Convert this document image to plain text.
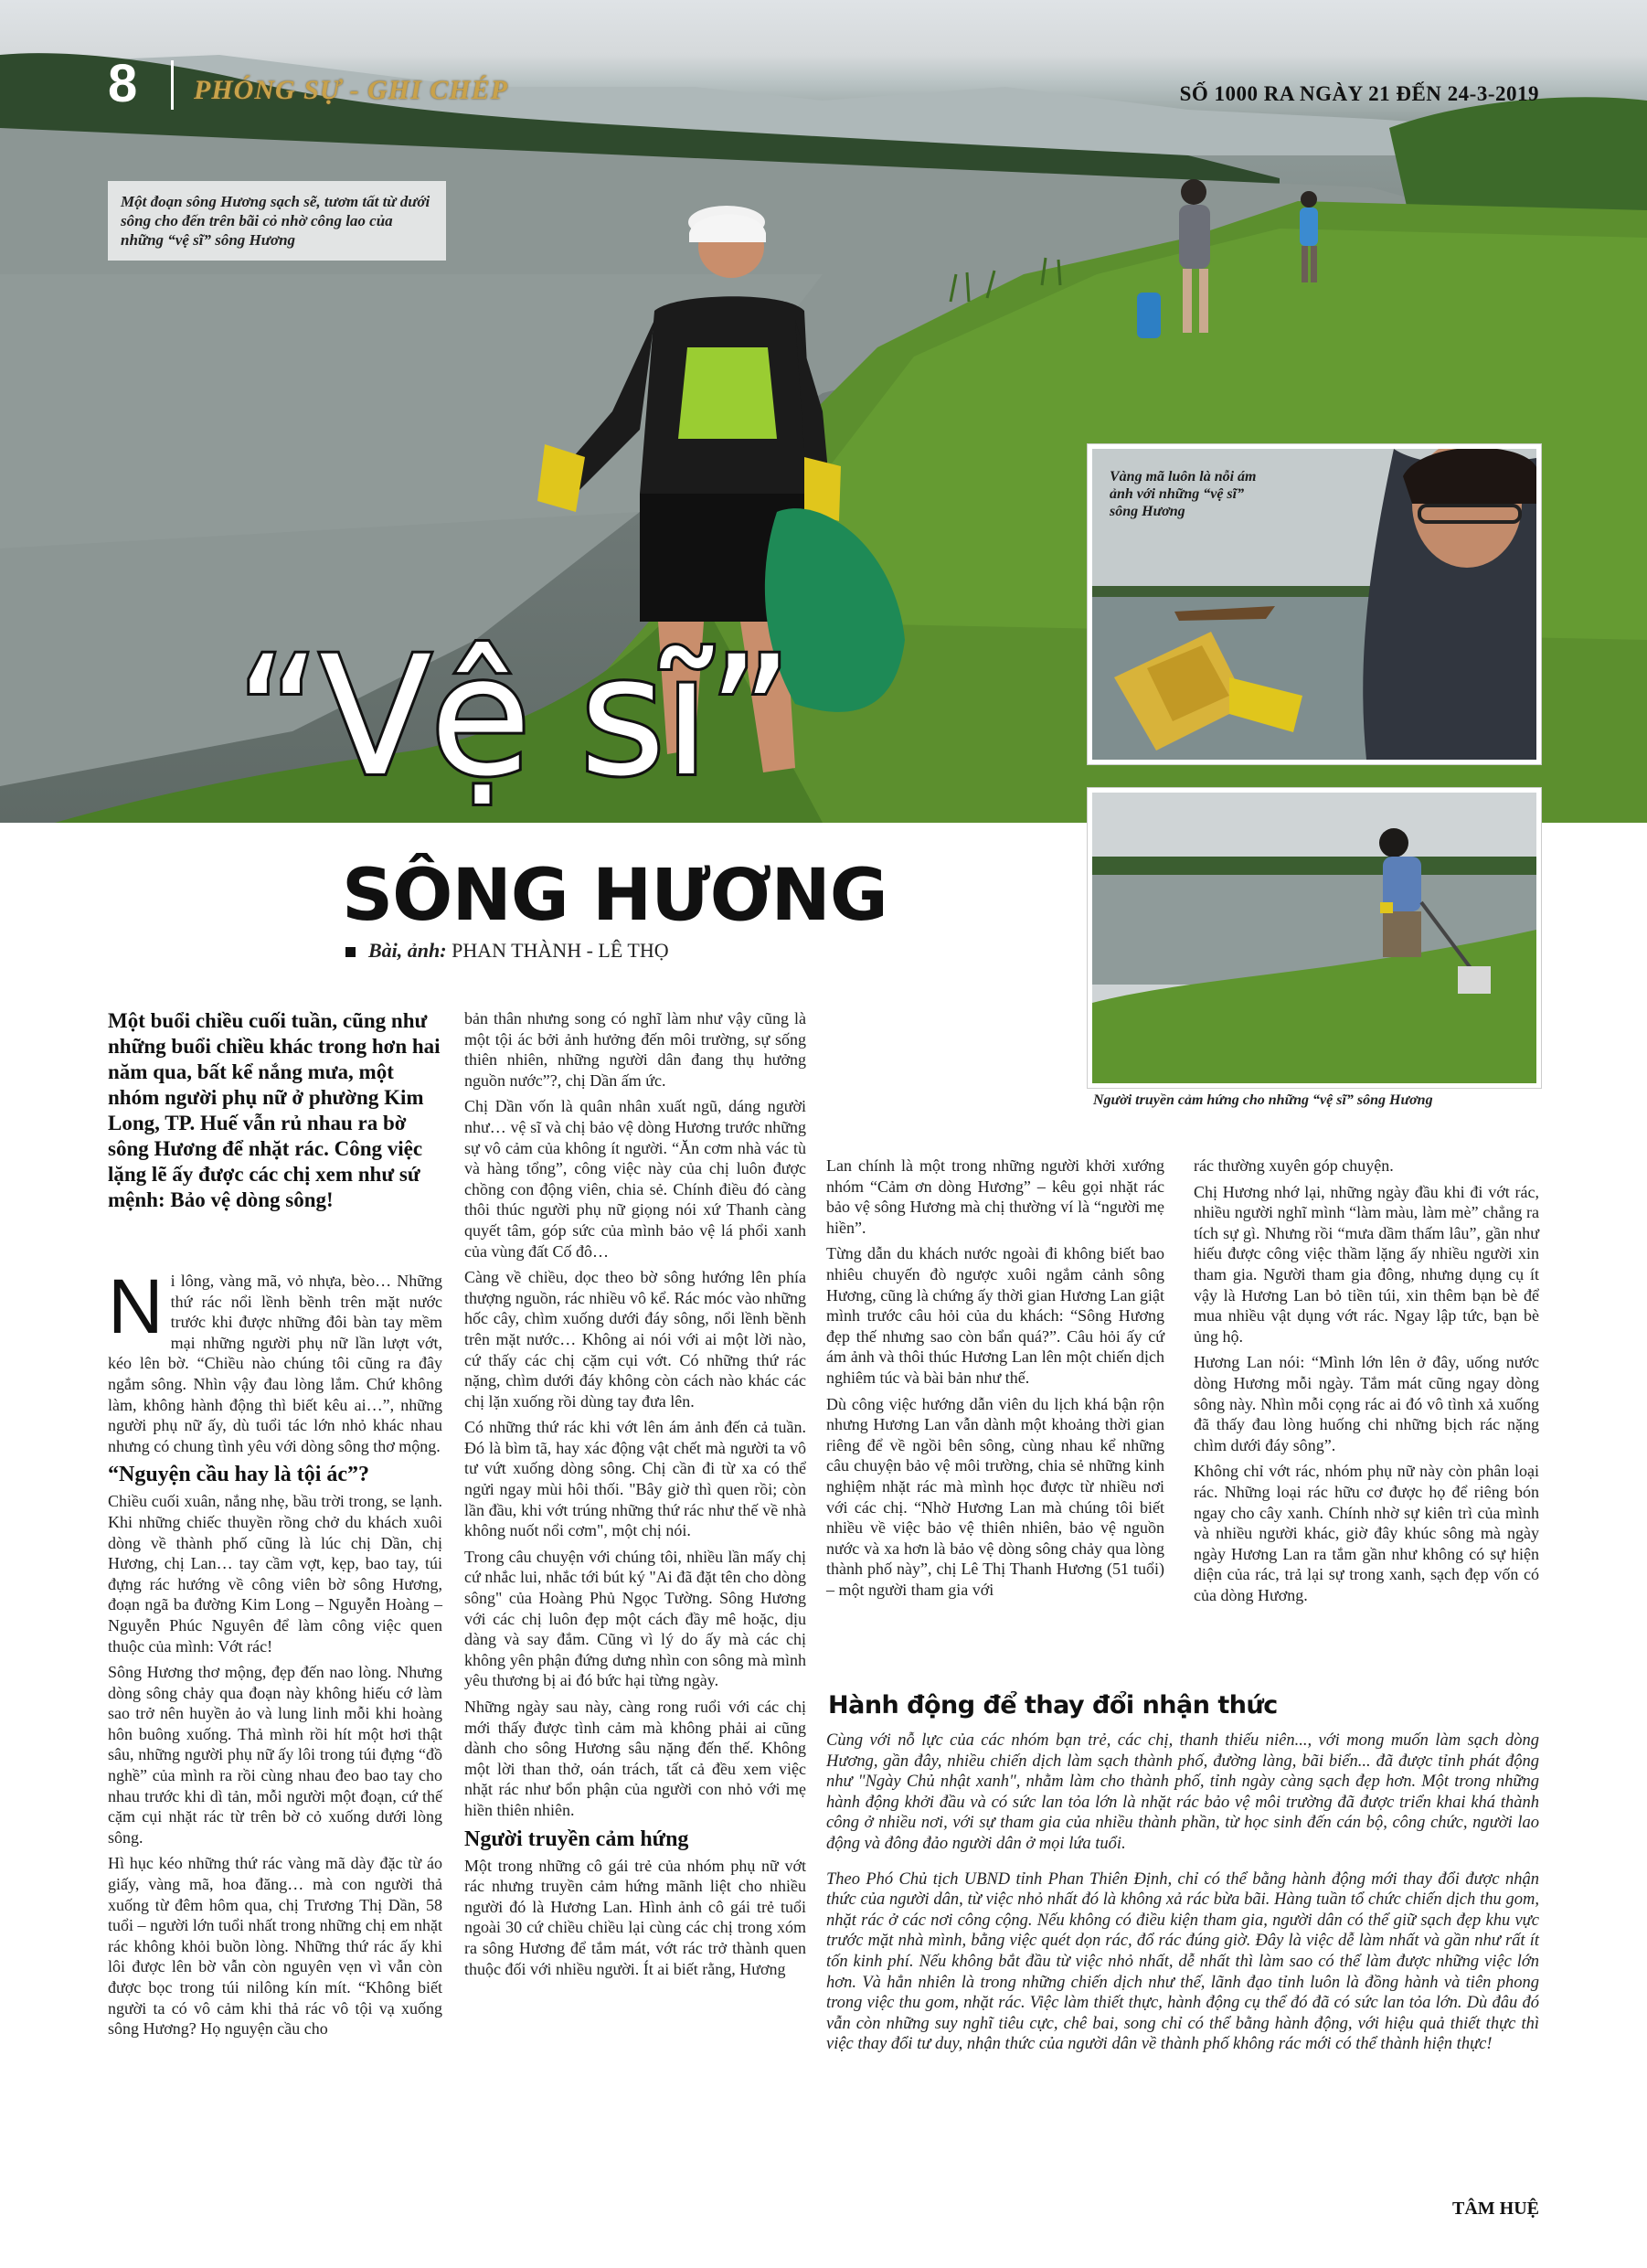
8 PHÓNG SỰ - GHI CHÉP	SỐ 1000 RA NGÀY 21 ĐẾN 24-3-2019
Một đoạn sông Hương sạch sẽ, tươm tất từ dưới sông cho đến trên bãi cỏ nhờ công lao của những “vệ sĩ” sông Hương
“Vệ sĩ”
SÔNG HƯƠNG
Bài, ảnh: PHAN THÀNH - LÊ THỌ
Vàng mã luôn là nỗi ám ảnh với những “vệ sĩ” sông Hương
Người truyền cảm hứng cho những “vệ sĩ” sông Hương
Một buổi chiều cuối tuần, cũng như những buổi chiều khác trong hơn hai năm qua, bất kể nắng mưa, một nhóm người phụ nữ ở phường Kim Long, TP. Huế vẫn rủ nhau ra bờ sông Hương để nhặt rác. Công việc lặng lẽ ấy được các chị xem như sứ mệnh: Bảo vệ dòng sông!

Ni lông, vàng mã, vỏ nhựa, bèo… Những thứ rác nổi lềnh bềnh trên mặt nước trước khi được những đôi bàn tay mềm mại những người phụ nữ lần lượt vớt, kéo lên bờ. “Chiều nào chúng tôi cũng ra đây ngắm sông. Nhìn vậy đau lòng lắm. Chứ không làm, không hành động thì biết kêu ai…”, những người phụ nữ ấy, dù tuổi tác lớn nhỏ khác nhau nhưng có chung tình yêu với dòng sông thơ mộng.

“Nguyện cầu hay là tội ác”?

Chiều cuối xuân, nắng nhẹ, bầu trời trong, se lạnh. Khi những chiếc thuyền rồng chở du khách xuôi dòng về thành phố cũng là lúc chị Dần, chị Hương, chị Lan… tay cầm vợt, kẹp, bao tay, túi đựng rác hướng về công viên bờ sông Hương, đoạn ngã ba đường Kim Long – Nguyễn Hoàng – Nguyễn Phúc Nguyên để làm công việc quen thuộc của mình: Vớt rác!

Sông Hương thơ mộng, đẹp đến nao lòng. Nhưng dòng sông chảy qua đoạn này không hiếu cớ làm sao trở nên huyền ảo và lung linh mỗi khi hoàng hôn buông xuống. Thả mình rồi hít một hơi thật sâu, những người phụ nữ ấy lôi trong túi đựng “đồ nghề” của mình ra rồi cùng nhau đeo bao tay cho nhau trước khi dì tản, mỗi người một đoạn, cứ thế cặm cụi nhặt rác từ trên bờ cỏ xuống dưới lòng sông.

Hì hục kéo những thứ rác vàng mã dày đặc từ áo giấy, vàng mã, hoa đăng… mà con người thả xuống từ đêm hôm qua, chị Trương Thị Dần, 58 tuổi – người lớn tuổi nhất trong những chị em nhặt rác không khỏi buồn lòng. Những thứ rác ấy khi lôi được lên bờ vẫn còn nguyên vẹn vì vẫn còn được bọc trong túi nilông kín mít. “Không biết người ta có vô cảm khi thả rác vô tội vạ xuống sông Hương? Họ nguyện cầu cho

bản thân nhưng song có nghĩ làm như vậy cũng là một tội ác bởi ảnh hưởng đến môi trường, sự sống thiên nhiên, những người dân đang thụ hưởng nguồn nước”?, chị Dần ấm ức.

Chị Dần vốn là quân nhân xuất ngũ, dáng người như… vệ sĩ và chị bảo vệ dòng Hương trước những sự vô cảm của không ít người. “Ăn cơm nhà vác tù và hàng tổng”, công việc này của chị luôn được chồng con động viên, chia sẻ. Chính điều đó càng thôi thúc người phụ nữ giọng nói xứ Thanh càng quyết tâm, góp sức của mình bảo vệ lá phổi xanh của vùng đất Cố đô…

Càng về chiều, dọc theo bờ sông hướng lên phía thượng nguồn, rác nhiều vô kể. Rác móc vào những hốc cây, chìm xuống dưới đáy sông, nổi lềnh bềnh trên mặt nước… Không ai nói với ai một lời nào, cứ thấy các chị cặm cụi vớt. Có những thứ rác nặng, chìm dưới đáy không còn cách nào khác các chị lặn xuống rồi dùng tay đưa lên.

Có những thứ rác khi vớt lên ám ảnh đến cả tuần. Đó là bìm tã, hay xác động vật chết mà người ta vô tư vứt xuống dòng sông. Chị cần đi từ xa có thể ngửi ngay mùi hôi thối. "Bây giờ thì quen rồi; còn lần đầu, khi vớt trúng những thứ rác như thế về nhà không nuốt nổi cơm", một chị nói.

Trong câu chuyện với chúng tôi, nhiều lần mấy chị cứ nhắc lui, nhắc tới bút ký "Ai đã đặt tên cho dòng sông" của Hoàng Phủ Ngọc Tường. Sông Hương với các chị luôn đẹp một cách đầy mê hoặc, dịu dàng và say đắm. Cũng vì lý do ấy mà các chị không yên phận đứng dưng nhìn con sông mà mình yêu thương bị ai đó bức hại từng ngày.

Những ngày sau này, càng rong ruổi với các chị mới thấy được tình cảm mà không phải ai cũng dành cho sông Hương sâu nặng đến thế. Không một lời than thở, oán trách, tất cả đều xem việc nhặt rác như bổn phận của người con nhỏ với mẹ hiền thiên nhiên.

Người truyền cảm hứng

Một trong những cô gái trẻ của nhóm phụ nữ vớt rác nhưng truyền cảm hứng mãnh liệt cho nhiều người đó là Hương Lan. Hình ảnh cô gái trẻ tuổi ngoài 30 cứ chiều chiều lại cùng các chị trong xóm ra sông Hương để tắm mát, vớt rác trở thành quen thuộc đối với nhiều người. Ít ai biết rằng, Hương

Lan chính là một trong những người khởi xướng nhóm “Cảm ơn dòng Hương” – kêu gọi nhặt rác bảo vệ sông Hương mà chị thường ví là “người mẹ hiền”.

Từng dẫn du khách nước ngoài đi không biết bao nhiêu chuyến đò ngược xuôi ngắm cảnh sông Hương, cũng là chứng ấy thời gian Hương Lan giật mình trước câu hỏi của du khách: “Sông Hương đẹp thế nhưng sao còn bẩn quá?”. Câu hỏi ấy cứ ám ảnh và thôi thúc Hương Lan lên một chiến dịch nghiêm túc và bài bản như thế.

Dù công việc hướng dẫn viên du lịch khá bận rộn nhưng Hương Lan vẫn dành một khoảng thời gian riêng để về ngồi bên sông, cùng nhau kể những câu chuyện bảo vệ môi trường, chia sẻ những kinh nghiệm nhặt rác mà mình học được từ nhiều nơi với các chị. “Nhờ Hương Lan mà chúng tôi biết nhiều về việc bảo vệ thiên nhiên, bảo vệ nguồn nước và xa hơn là bảo vệ dòng sông chảy qua lòng thành phố này”, chị Lê Thị Thanh Hương (51 tuổi) – một người tham gia với

rác thường xuyên góp chuyện.

Chị Hương nhớ lại, những ngày đầu khi đi vớt rác, nhiều người nghĩ mình “làm màu, làm mè” chẳng ra tích sự gì. Nhưng rồi “mưa dầm thấm lâu”, gần như hiếu được công việc thầm lặng ấy nhiều người xin tham gia. Người tham gia đông, nhưng dụng cụ ít vậy là Hương Lan bỏ tiền túi, xin thêm bạn bè để mua nhiều vật dụng vớt rác. Ngay lập tức, bạn bè ủng hộ.

Hương Lan nói: “Mình lớn lên ở đây, uống nước dòng Hương mỗi ngày. Tắm mát cũng ngay dòng sông này. Nhìn mỗi cọng rác ai đó vô tình xả xuống đã thấy đau lòng huống chi những bịch rác nặng chìm dưới đáy sông”.

Không chỉ vớt rác, nhóm phụ nữ này còn phân loại rác. Những loại rác hữu cơ được họ để riêng bón ngay cho cây xanh. Chính nhờ sự kiên trì của mình và nhiều người khác, giờ đây khúc sông mà ngày ngày Hương Lan ra tắm gần như không có sự hiện diện của rác, trả lại sự trong xanh, sạch đẹp vốn có của dòng Hương.

Hành động để thay đổi nhận thức

Cùng với nỗ lực của các nhóm bạn trẻ, các chị, thanh thiếu niên..., với mong muốn làm sạch dòng Hương, gần đây, nhiều chiến dịch làm sạch thành phố, đường làng, bãi biển... đã được tỉnh phát động như "Ngày Chủ nhật xanh", nhằm làm cho thành phố, tỉnh ngày càng sạch đẹp hơn. Một trong những hành động khởi đầu và có sức lan tỏa lớn là nhặt rác bảo vệ môi trường đã được triển khai khá thành công ở nhiều nơi, với sự tham gia của nhiều thành phần, từ học sinh đến cán bộ, công chức, người lao động và đông đảo người dân ở mọi lứa tuổi.

Theo Phó Chủ tịch UBND tỉnh Phan Thiên Định, chỉ có thể bằng hành động mới thay đổi được nhận thức của người dân, từ việc nhỏ nhất đó là không xả rác bừa bãi. Hàng tuần tổ chức chiến dịch thu gom, nhặt rác ở các nơi công cộng. Nếu không có điều kiện tham gia, người dân có thể giữ sạch đẹp khu vực trước mặt nhà mình, bằng việc quét dọn rác, đổ rác đúng giờ. Đây là việc dễ làm nhất và gần như rất ít tốn kinh phí. Nếu không bắt đầu từ việc nhỏ nhất, dễ nhất thì làm sao có thể làm được những việc lớn hơn. Và hẳn nhiên là trong những chiến dịch như thế, lãnh đạo tỉnh luôn là đồng hành và tiên phong trong việc thu gom, nhặt rác. Việc làm thiết thực, hành động cụ thể đó đã có sức lan tỏa lớn. Dù đâu đó vẫn còn những suy nghĩ tiêu cực, chê bai, song chỉ có thể bằng hành động, với hiệu quả thiết thực thì việc thay đổi tư duy, nhận thức của người dân về thành phố không rác mới có thể thành hiện thực!

TÂM HUỆ
